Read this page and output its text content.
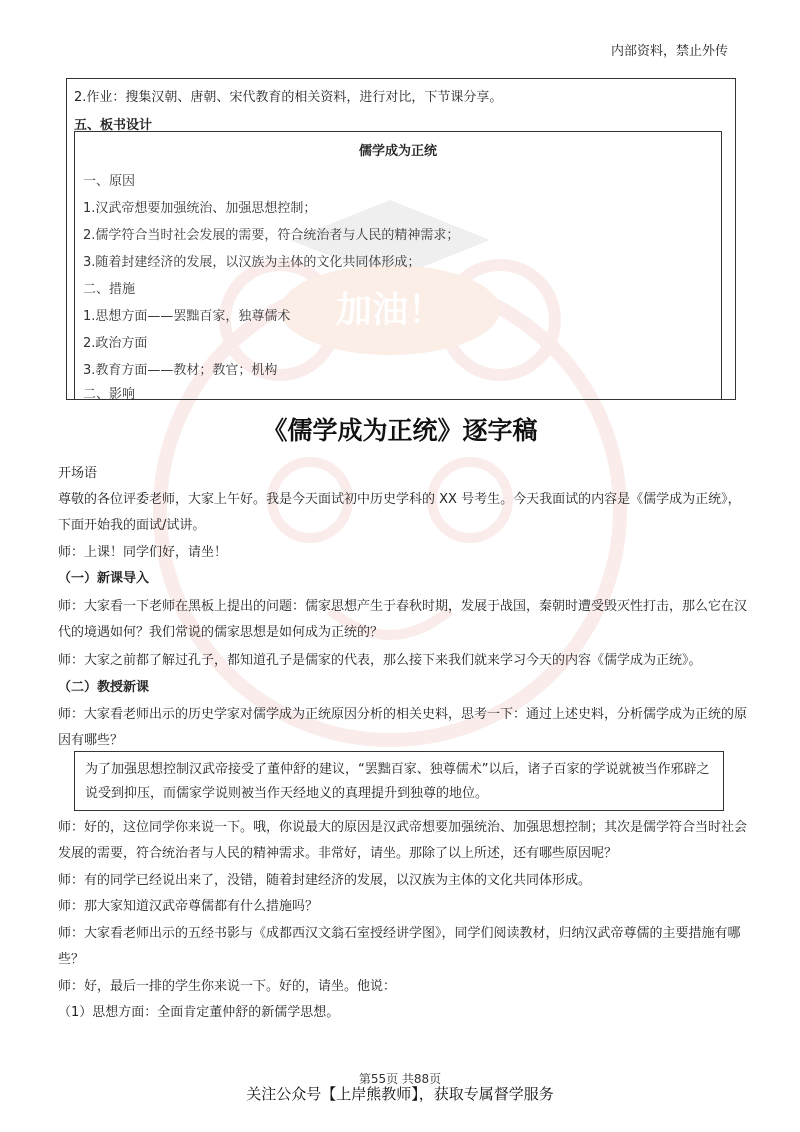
加油！
内部资料，禁止外传
2.作业：搜集汉朝、唐朝、宋代教育的相关资料，进行对比，下节课分享。
五、板书设计
儒学成为正统
一、原因
1.汉武帝想要加强统治、加强思想控制；
2.儒学符合当时社会发展的需要，符合统治者与人民的精神需求；
3.随着封建经济的发展，以汉族为主体的文化共同体形成；
二、措施
1.思想方面——罢黜百家，独尊儒术
2.政治方面
3.教育方面——教材；教官；机构
二、影响
《儒学成为正统》逐字稿
开场语
尊敬的各位评委老师，大家上午好。我是今天面试初中历史学科的 XX 号考生。今天我面试的内容是《儒学成为正统》，下面开始我的面试/试讲。
师：上课！同学们好，请坐！
（一）新课导入
师：大家看一下老师在黑板上提出的问题：儒家思想产生于春秋时期，发展于战国，秦朝时遭受毁灭性打击，那么它在汉代的境遇如何？我们常说的儒家思想是如何成为正统的？
师：大家之前都了解过孔子，都知道孔子是儒家的代表，那么接下来我们就来学习今天的内容《儒学成为正统》。
（二）教授新课
师：大家看老师出示的历史学家对儒学成为正统原因分析的相关史料，思考一下：通过上述史料，分析儒学成为正统的原因有哪些？
为了加强思想控制汉武帝接受了董仲舒的建议，“罢黜百家、独尊儒术”以后，诸子百家的学说就被当作邪辟之说受到抑压，而儒家学说则被当作天经地义的真理提升到独尊的地位。
师：好的，这位同学你来说一下。哦，你说最大的原因是汉武帝想要加强统治、加强思想控制；其次是儒学符合当时社会发展的需要，符合统治者与人民的精神需求。非常好，请坐。那除了以上所述，还有哪些原因呢？
师：有的同学已经说出来了，没错，随着封建经济的发展，以汉族为主体的文化共同体形成。
师：那大家知道汉武帝尊儒都有什么措施吗？
师：大家看老师出示的五经书影与《成都西汉文翁石室授经讲学图》，同学们阅读教材，归纳汉武帝尊儒的主要措施有哪些？
师：好，最后一排的学生你来说一下。好的，请坐。他说：
（1）思想方面：全面肯定董仲舒的新儒学思想。
第55页 共88页
关注公众号【上岸熊教师】，获取专属督学服务
